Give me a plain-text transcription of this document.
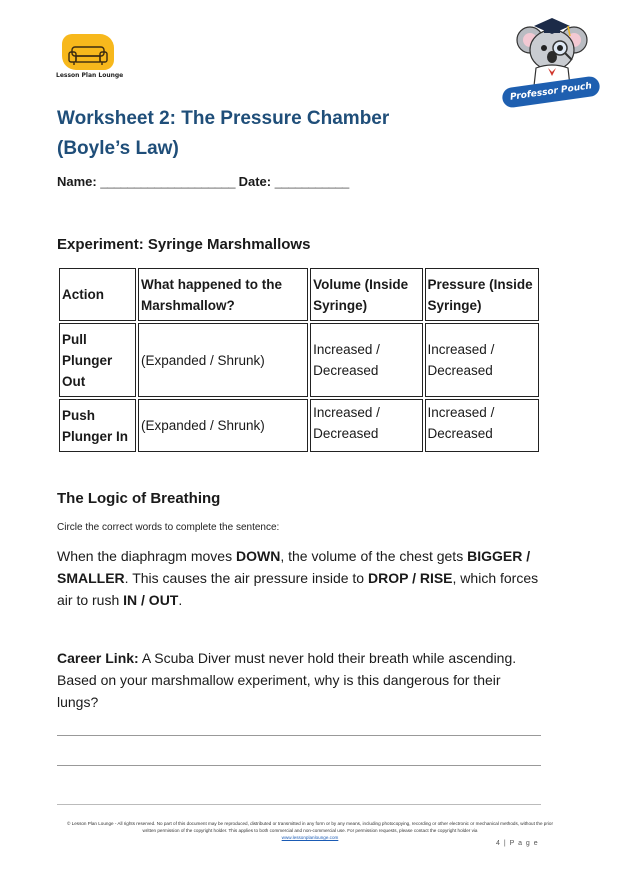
Lesson Plan Lounge
Professor Pouch
Worksheet 2: The Pressure Chamber
(Boyle’s Law)
Name: ____________________ Date: ___________
Experiment: Syringe Marshmallows
Action	What happened to the Marshmallow?	Volume (Inside Syringe)	Pressure (Inside Syringe)
Pull Plunger Out	(Expanded / Shrunk)	Increased / Decreased	Increased / Decreased
Push Plunger In	(Expanded / Shrunk)	Increased / Decreased	Increased / Decreased
The Logic of Breathing
Circle the correct words to complete the sentence:

When the diaphragm moves DOWN, the volume of the chest gets BIGGER / SMALLER. This causes the air pressure inside to DROP / RISE, which forces air to rush IN / OUT.

Career Link: A Scuba Diver must never hold their breath while ascending. Based on your marshmallow experiment, why is this dangerous for their lungs?

© Lesson Plan Lounge - All rights reserved. No part of this document may be reproduced, distributed or transmitted in any form or by any means, including photocopying, recording or other electronic or mechanical methods, without the prior written permission of the copyright holder. This applies to both commercial and non-commercial use. For permission requests, please contact the copyright holder via
www.lessonplanlounge.com
4 | P a g e
